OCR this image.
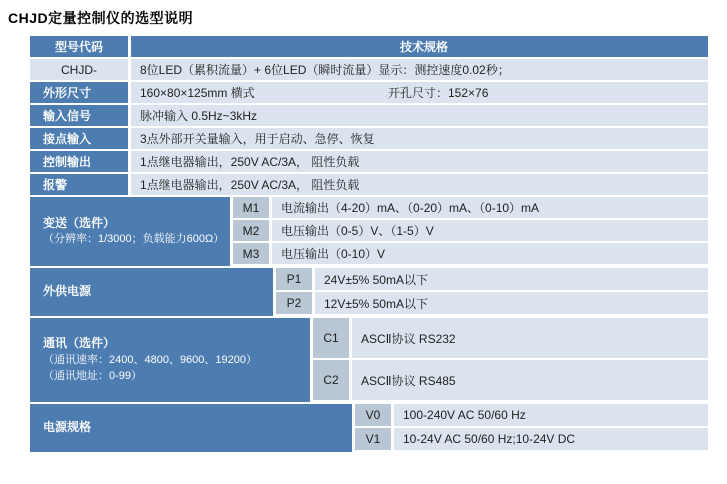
CHJD定量控制仪的选型说明
型号代码	技术规格
CHJD-	8位LED（累积流量）+ 6位LED（瞬时流量）显示：测控速度0.02秒；
外形尺寸	160×80×125mm 横式	开孔尺寸：152×76
输入信号	脉冲输入 0.5Hz~3kHz
接点输入	3点外部开关量输入，用于启动、急停、恢复
控制输出	1点继电器输出，250V AC/3A， 阻性负载
报警	1点继电器输出，250V AC/3A， 阻性负载
变送（选件）
（分辨率：1/3000；负载能力600Ω）
M1	电流输出（4-20）mA、（0-20）mA、（0-10）mA
M2	电压输出（0-5）V、（1-5）V
M3	电压输出（0-10）V
外供电源
P1	24V±5% 50mA以下
P2	12V±5% 50mA以下
通讯（选件）
（通讯速率：2400、4800、9600、19200）
（通讯地址：0-99）
C1	ASCⅡ协议 RS232
C2	ASCⅡ协议 RS485
电源规格
V0	100-240V AC 50/60 Hz
V1	10-24V AC 50/60 Hz;10-24V DC
